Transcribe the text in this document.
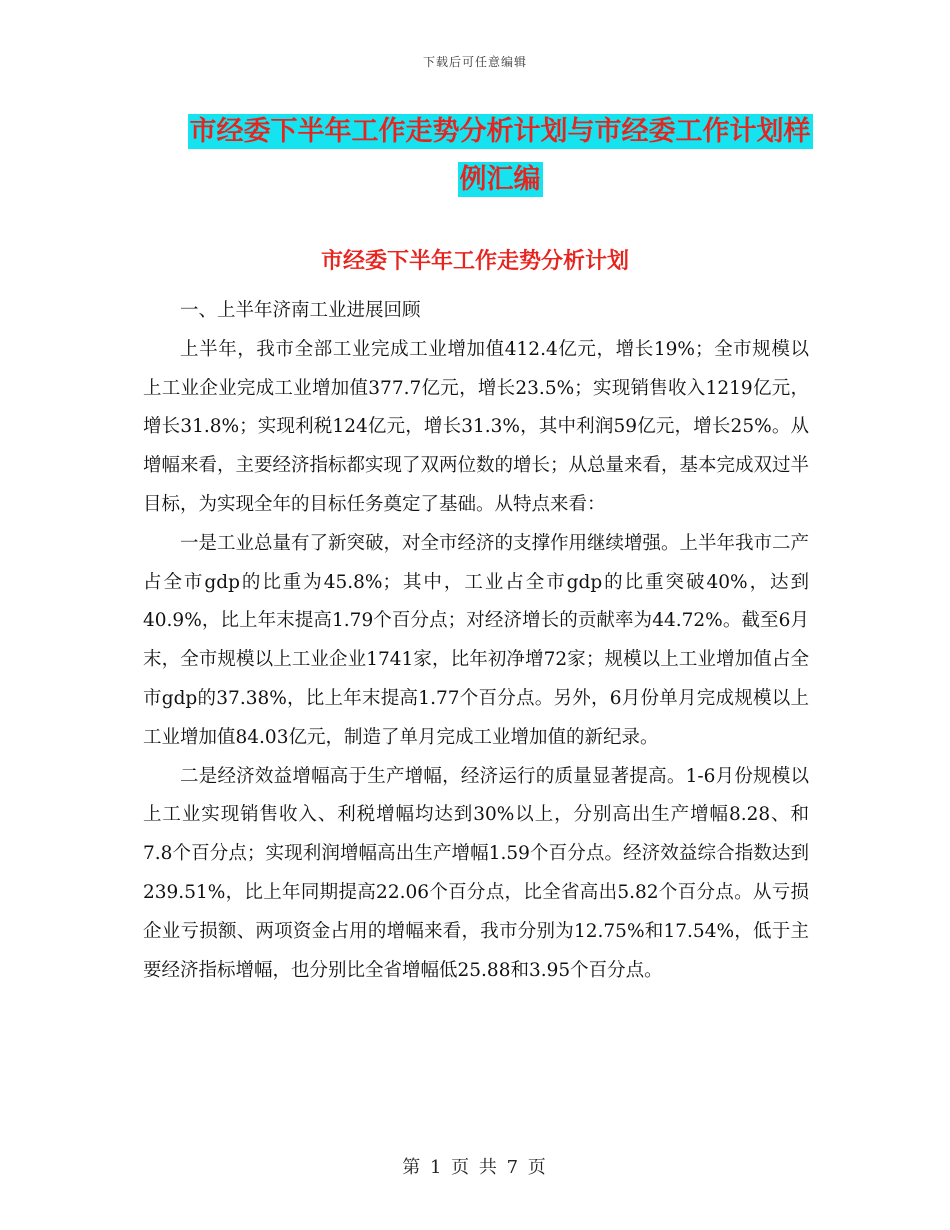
下载后可任意编辑
市经委下半年工作走势分析计划与市经委工作计划样
例汇编
市经委下半年工作走势分析计划

一、上半年济南工业进展回顾

上半年，我市全部工业完成工业增加值412.4亿元，增长19%；全市规模以上工业企业完成工业增加值377.7亿元，增长23.5%；实现销售收入1219亿元，增长31.8%；实现利税124亿元，增长31.3%，其中利润59亿元，增长25%。从增幅来看，主要经济指标都实现了双两位数的增长；从总量来看，基本完成双过半目标，为实现全年的目标任务奠定了基础。从特点来看：

一是工业总量有了新突破，对全市经济的支撑作用继续增强。上半年我市二产占全市gdp的比重为45.8%；其中，工业占全市gdp的比重突破40%，达到40.9%，比上年末提高1.79个百分点；对经济增长的贡献率为44.72%。截至6月末，全市规模以上工业企业1741家，比年初净增72家；规模以上工业增加值占全市gdp的37.38%，比上年末提高1.77个百分点。另外，6月份单月完成规模以上工业增加值84.03亿元，制造了单月完成工业增加值的新纪录。

二是经济效益增幅高于生产增幅，经济运行的质量显著提高。1-6月份规模以上工业实现销售收入、利税增幅均达到30%以上，分别高出生产增幅8.28、和7.8个百分点；实现利润增幅高出生产增幅1.59个百分点。经济效益综合指数达到239.51%，比上年同期提高22.06个百分点，比全省高出5.82个百分点。从亏损企业亏损额、两项资金占用的增幅来看，我市分别为12.75%和17.54%，低于主要经济指标增幅，也分别比全省增幅低25.88和3.95个百分点。

第 1 页 共 7 页
